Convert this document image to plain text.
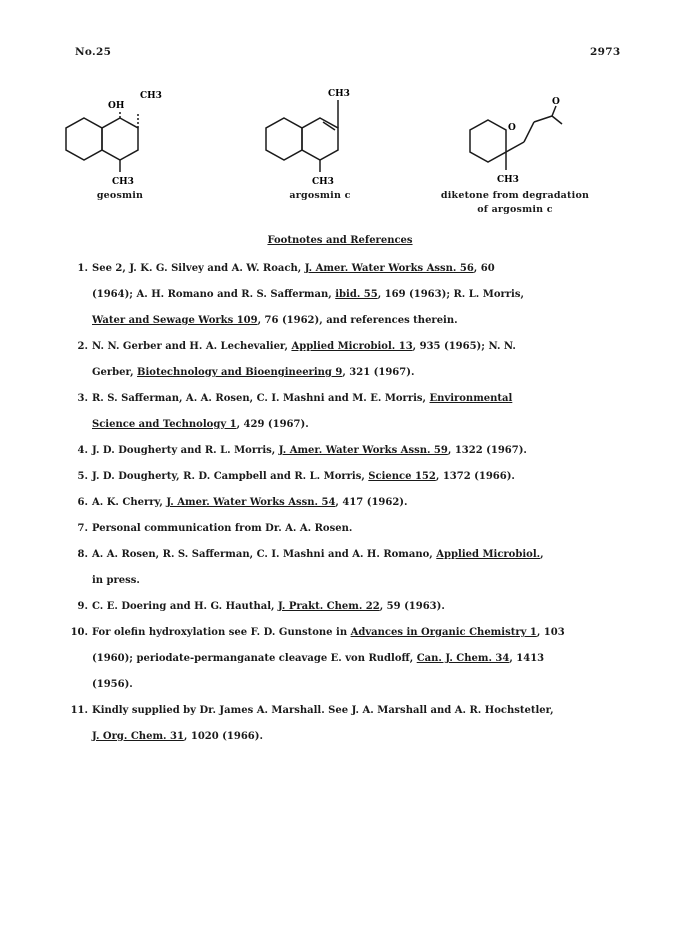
No.25	2973
CH3
OH
CH3
CH3
CH3
O
O
CH3
geosmin	argosmin c	diketone from degradation
of argosmin c
Footnotes and References
1. See 2, J. K. G. Silvey and A. W. Roach, J. Amer. Water Works Assn. 56, 60
(1964); A. H. Romano and R. S. Safferman, ibid. 55, 169 (1963); R. L. Morris,
Water and Sewage Works 109, 76 (1962), and references therein.
2. N. N. Gerber and H. A. Lechevalier, Applied Microbiol. 13, 935 (1965); N. N.
Gerber, Biotechnology and Bioengineering 9, 321 (1967).
3. R. S. Safferman, A. A. Rosen, C. I. Mashni and M. E. Morris, Environmental
Science and Technology 1, 429 (1967).
4. J. D. Dougherty and R. L. Morris, J. Amer. Water Works Assn. 59, 1322 (1967).
5. J. D. Dougherty, R. D. Campbell and R. L. Morris, Science 152, 1372 (1966).
6. A. K. Cherry, J. Amer. Water Works Assn. 54, 417 (1962).
7. Personal communication from Dr. A. A. Rosen.
8. A. A. Rosen, R. S. Safferman, C. I. Mashni and A. H. Romano, Applied Microbiol.,
in press.
9. C. E. Doering and H. G. Hauthal, J. Prakt. Chem. 22, 59 (1963).
10. For olefin hydroxylation see F. D. Gunstone in Advances in Organic Chemistry 1, 103
(1960); periodate-permanganate cleavage E. von Rudloff, Can. J. Chem. 34, 1413
(1956).
11. Kindly supplied by Dr. James A. Marshall. See J. A. Marshall and A. R. Hochstetler,
J. Org. Chem. 31, 1020 (1966).
